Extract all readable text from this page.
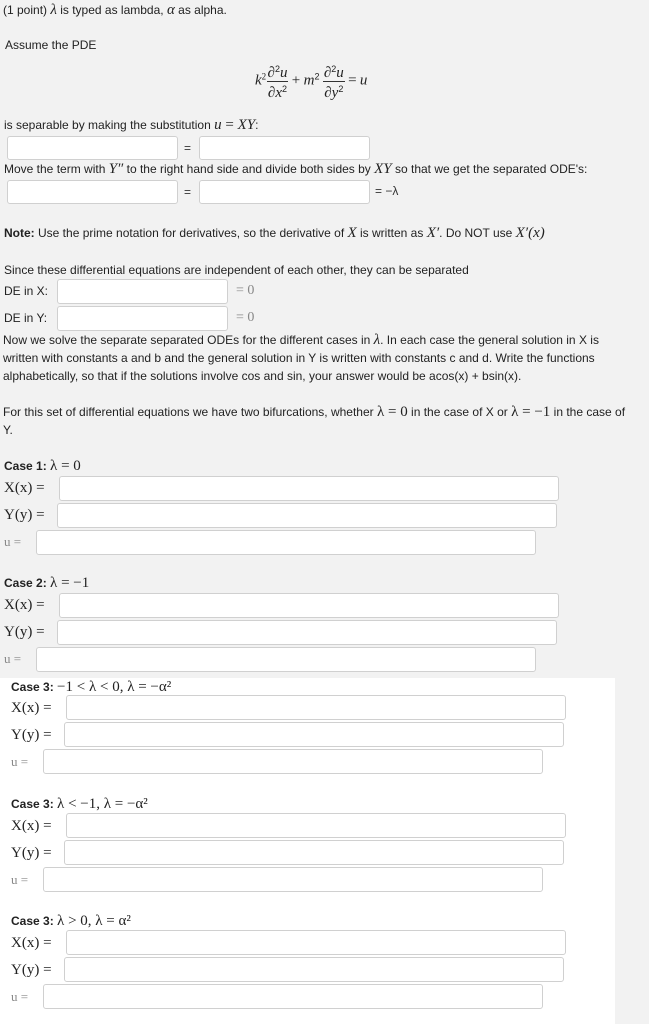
(1 point) λ is typed as lambda, α as alpha.
Assume the PDE
$k^2 \frac{\partial^2u}{\partial x^2} + m^2 \frac{\partial^2u}{\partial y^2} = u$
is separable by making the substitution u = XY:
=
Move the term with Y″ to the right hand side and divide both sides by XY so that we get the separated ODE's:
=	= −λ
Note: Use the prime notation for derivatives, so the derivative of X is written as X′. Do NOT use X′(x)
Since these differential equations are independent of each other, they can be separated
DE in X:	= 0
DE in Y:	= 0
Now we solve the separate separated ODEs for the different cases in λ. In each case the general solution in X is written with constants a and b and the general solution in Y is written with constants c and d. Write the functions alphabetically, so that if the solutions involve cos and sin, your answer would be acos(x) + bsin(x).
For this set of differential equations we have two bifurcations, whether λ = 0 in the case of X or λ = −1 in the case of Y.
Case 1: λ = 0
X(x) =
Y(y) =
u =
Case 2: λ = −1
X(x) =
Y(y) =
u =
Case 3: −1 < λ < 0, λ = −α²
X(x) =
Y(y) =
u =
Case 3: λ < −1, λ = −α²
X(x) =
Y(y) =
u =
Case 3: λ > 0, λ = α²
X(x) =
Y(y) =
u =
